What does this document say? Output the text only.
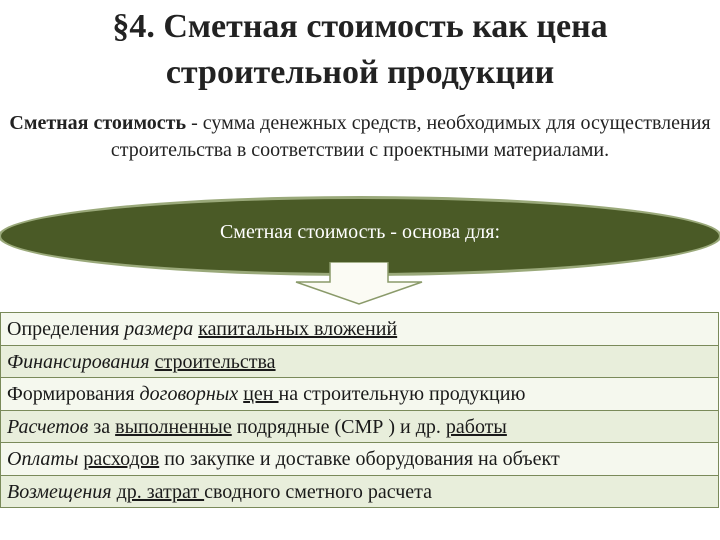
§4. Сметная стоимость как цена
строительной продукции
Сметная стоимость - сумма денежных средств, необходимых для осуществления строительства в соответствии с проектными материалами.
Сметная стоимость - основа для:
Определения размера капитальных вложений
Финансирования строительства
Формирования договорных цен на строительную продукцию
Расчетов за выполненные подрядные (СМР ) и др. работы
Оплаты расходов по закупке и доставке оборудования на объект
Возмещения др. затрат сводного сметного расчета
